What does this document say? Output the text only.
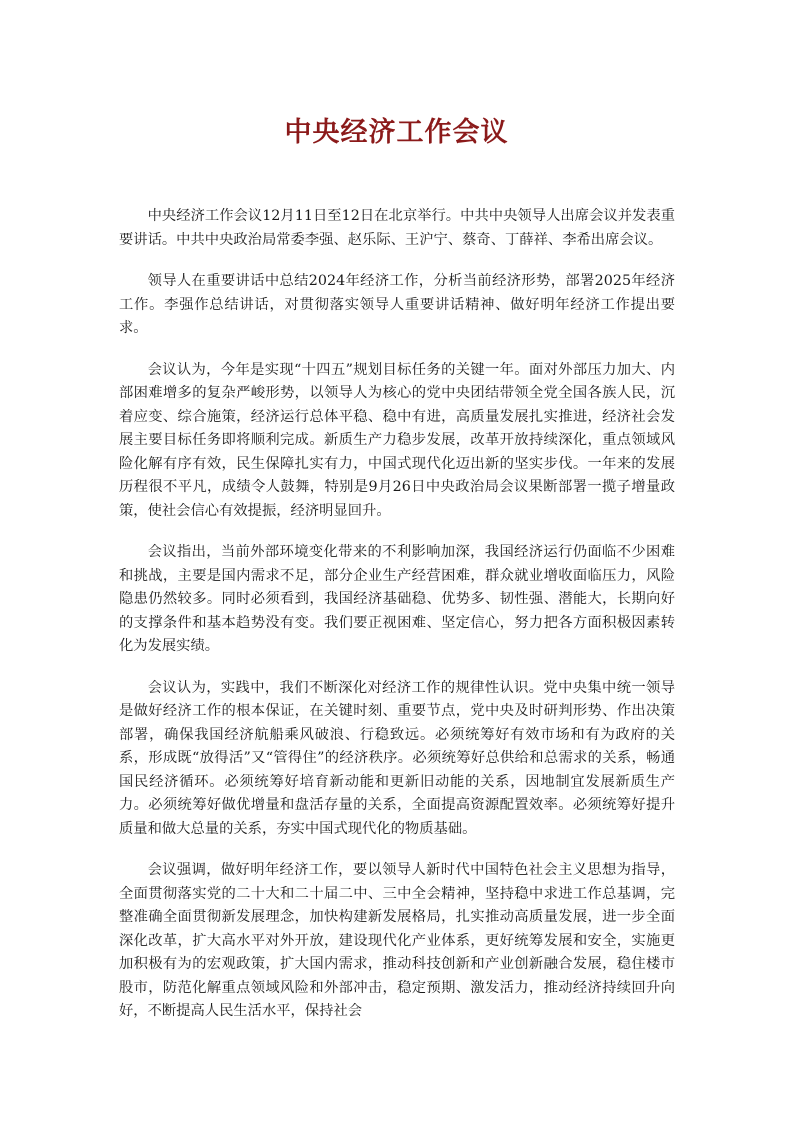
中央经济工作会议

中央经济工作会议12月11日至12日在北京举行。中共中央领导人出席会议并发表重要讲话。中共中央政治局常委李强、赵乐际、王沪宁、蔡奇、丁薛祥、李希出席会议。

领导人在重要讲话中总结2024年经济工作，分析当前经济形势，部署2025年经济工作。李强作总结讲话，对贯彻落实领导人重要讲话精神、做好明年经济工作提出要求。

会议认为，今年是实现“十四五”规划目标任务的关键一年。面对外部压力加大、内部困难增多的复杂严峻形势，以领导人为核心的党中央团结带领全党全国各族人民，沉着应变、综合施策，经济运行总体平稳、稳中有进，高质量发展扎实推进，经济社会发展主要目标任务即将顺利完成。新质生产力稳步发展，改革开放持续深化，重点领域风险化解有序有效，民生保障扎实有力，中国式现代化迈出新的坚实步伐。一年来的发展历程很不平凡，成绩令人鼓舞，特别是9月26日中央政治局会议果断部署一揽子增量政策，使社会信心有效提振，经济明显回升。

会议指出，当前外部环境变化带来的不利影响加深，我国经济运行仍面临不少困难和挑战，主要是国内需求不足，部分企业生产经营困难，群众就业增收面临压力，风险隐患仍然较多。同时必须看到，我国经济基础稳、优势多、韧性强、潜能大，长期向好的支撑条件和基本趋势没有变。我们要正视困难、坚定信心，努力把各方面积极因素转化为发展实绩。

会议认为，实践中，我们不断深化对经济工作的规律性认识。党中央集中统一领导是做好经济工作的根本保证，在关键时刻、重要节点，党中央及时研判形势、作出决策部署，确保我国经济航船乘风破浪、行稳致远。必须统筹好有效市场和有为政府的关系，形成既“放得活”又“管得住”的经济秩序。必须统筹好总供给和总需求的关系，畅通国民经济循环。必须统筹好培育新动能和更新旧动能的关系，因地制宜发展新质生产力。必须统筹好做优增量和盘活存量的关系，全面提高资源配置效率。必须统筹好提升质量和做大总量的关系，夯实中国式现代化的物质基础。

会议强调，做好明年经济工作，要以领导人新时代中国特色社会主义思想为指导，全面贯彻落实党的二十大和二十届二中、三中全会精神，坚持稳中求进工作总基调，完整准确全面贯彻新发展理念，加快构建新发展格局，扎实推动高质量发展，进一步全面深化改革，扩大高水平对外开放，建设现代化产业体系，更好统筹发展和安全，实施更加积极有为的宏观政策，扩大国内需求，推动科技创新和产业创新融合发展，稳住楼市股市，防范化解重点领域风险和外部冲击，稳定预期、激发活力，推动经济持续回升向好，不断提高人民生活水平，保持社会
